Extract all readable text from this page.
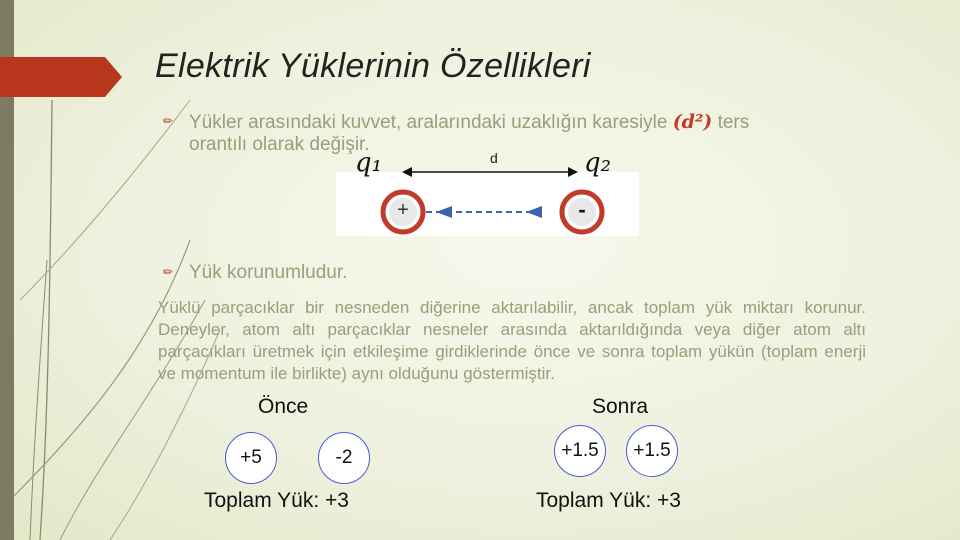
Elektrik Yüklerinin Özellikleri
✏ Yükler arasındaki kuvvet, aralarındaki uzaklığın karesiyle (d²) ters
orantılı olarak değişir.
+	-
d
q₁	q₂
✏ Yük korunumludur.
Yüklü parçacıklar bir nesneden diğerine aktarılabilir, ancak toplam yük miktarı korunur. Deneyler, atom altı parçacıklar nesneler arasında aktarıldığında veya diğer atom altı parçacıkları üretmek için etkileşime girdiklerinde önce ve sonra toplam yükün (toplam enerji ve momentum ile birlikte) aynı olduğunu göstermiştir.
Önce
+5	-2
Toplam Yük: +3
Sonra
+1.5	+1.5
Toplam Yük: +3
